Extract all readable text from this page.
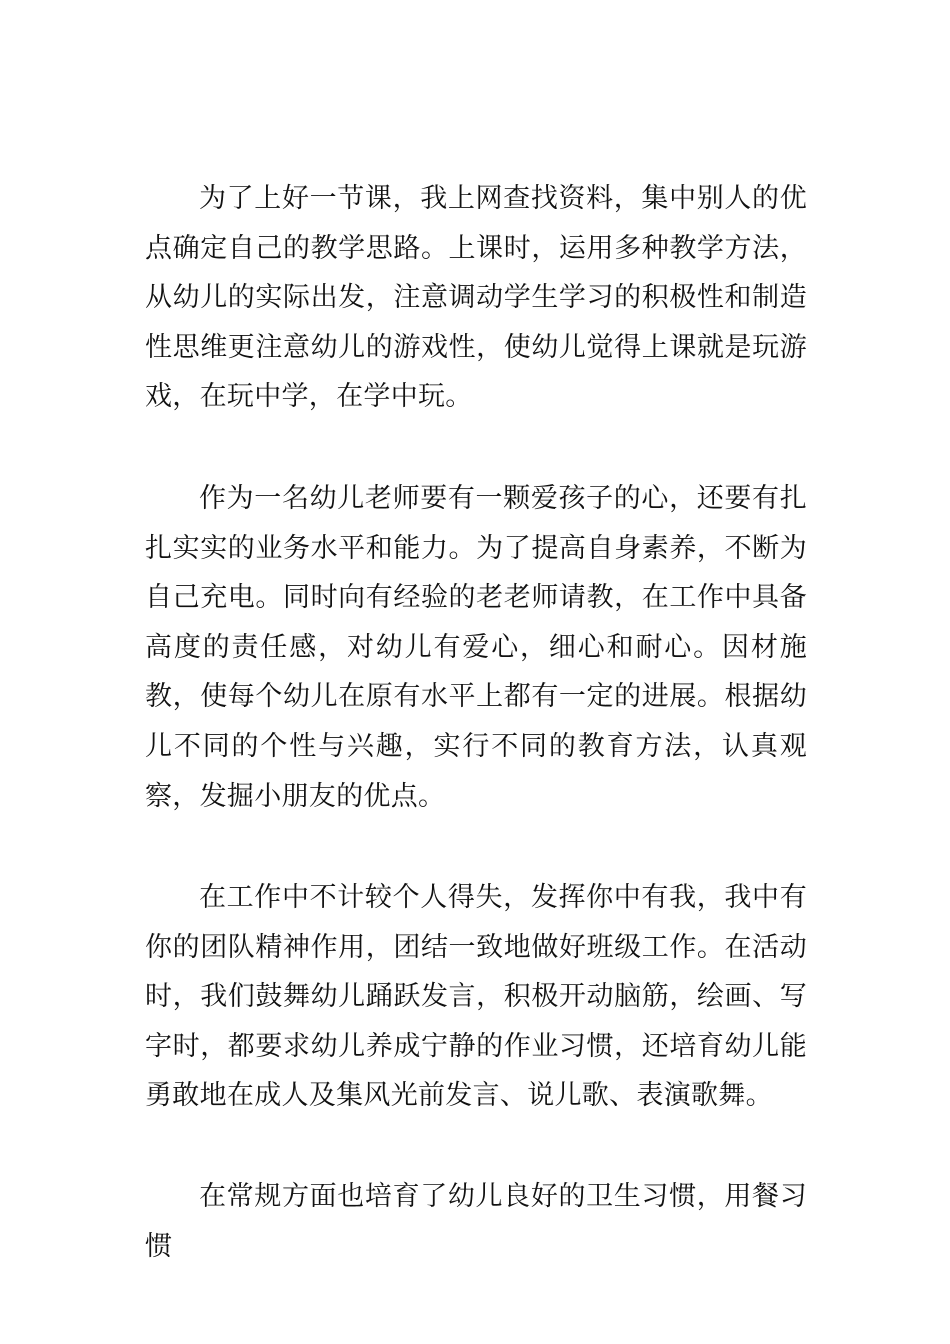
为了上好一节课，我上网查找资料，集中别人的优点确定自己的教学思路。上课时，运用多种教学方法，从幼儿的实际出发，注意调动学生学习的积极性和制造性思维更注意幼儿的游戏性，使幼儿觉得上课就是玩游戏，在玩中学，在学中玩。

作为一名幼儿老师要有一颗爱孩子的心，还要有扎扎实实的业务水平和能力。为了提高自身素养，不断为自己充电。同时向有经验的老老师请教，在工作中具备高度的责任感，对幼儿有爱心，细心和耐心。因材施教，使每个幼儿在原有水平上都有一定的进展。根据幼儿不同的个性与兴趣，实行不同的教育方法，认真观察，发掘小朋友的优点。

在工作中不计较个人得失，发挥你中有我，我中有你的团队精神作用，团结一致地做好班级工作。在活动时，我们鼓舞幼儿踊跃发言，积极开动脑筋，绘画、写字时，都要求幼儿养成宁静的作业习惯，还培育幼儿能勇敢地在成人及集风光前发言、说儿歌、表演歌舞。

在常规方面也培育了幼儿良好的卫生习惯，用餐习惯
